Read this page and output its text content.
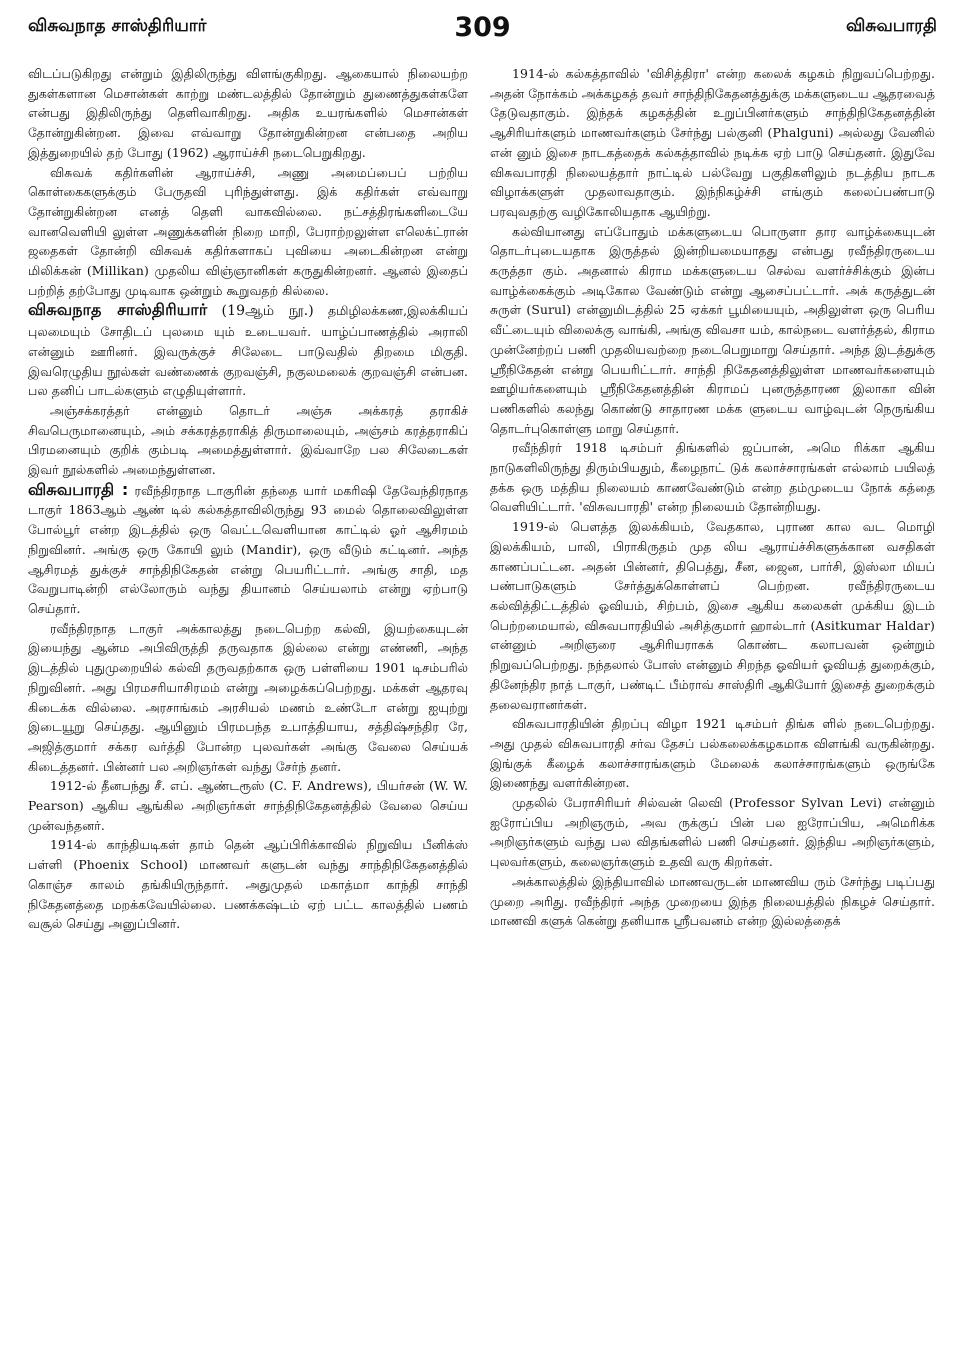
விசுவநாத சாஸ்திரியார்	309	விசுவபாரதி

விடப்படுகிறது என்றும் இதிலிருந்து விளங்குகிறது. ஆகையால் நிலையற்ற துகள்களான மெசான்கள் காற்று மண்டலத்தில் தோன்றும் துணைத்துகள்களே என்பது இதிலிருந்து தெளிவாகிறது. அதிக உயரங்களில் மெசான்கள் தோன்றுகின்றன. இவை எவ்வாறு தோன்றுகின்றன என்பதை அறிய இத்துறையில் தற் போது (1962) ஆராய்ச்சி நடைபெறுகிறது.

விசுவக் கதிர்களின் ஆராய்ச்சி, அணு அமைப்பைப் பற்றிய கொள்கைகளுக்கும் பேருதவி புரிந்துள்ளது. இக் கதிர்கள் எவ்வாறு தோன்றுகின்றன எனத் தெளி வாகவில்லை. நட்சத்திரங்களிடையே வானவெளியி லுள்ள அணுக்களின் நிறை மாறி, பேராற்றலுள்ள எலெக்ட்ரான் ஜதைகள் தோன்றி விசுவக் கதிர்களாகப் புவியை அடைகின்றன என்று மிலிக்கன் (Millikan) முதலிய விஞ்ஞானிகள் கருதுகின்றனர். ஆனல் இதைப் பற்றித் தற்போது முடிவாக ஒன்றும் கூறுவதற் கில்லை.

விசுவநாத சாஸ்திரியார் (19ஆம் நூ.) தமிழிலக்கண,இலக்கியப் புலமையும் சோதிடப் புலமை யும் உடையவர். யாழ்ப்பாணத்தில் அராலி என்னும் ஊரினர். இவருக்குச் சிலேடை பாடுவதில் திறமை மிகுதி. இவரெழுதிய நூல்கள் வண்ணைக் குறவஞ்சி, நகுலமலைக் குறவஞ்சி என்பன. பல தனிப் பாடல்களும் எழுதியுள்ளார்.

அஞ்சக்கரத்தர் என்னும் தொடர் அஞ்சு அக்கரத் தராகிச் சிவபெருமானையும், அம் சக்கரத்தராகித் திருமாலையும், அஞ்சம் கரத்தராகிப் பிரமனையும் குறிக் கும்படி அமைத்துள்ளார். இவ்வாறே பல சிலேடைகள் இவர் நூல்களில் அமைந்துள்ளன.

விசுவபாரதி : ரவீந்திரநாத டாகுரின் தந்தை யார் மகரிஷி தேவேந்திரநாத டாகுர் 1863ஆம் ஆண் டில் கல்கத்தாவிலிருந்து 93 மைல் தொலைவிலுள்ள போல்பூர் என்ற இடத்தில் ஒரு வெட்டவெளியான காட்டில் ஓர் ஆசிரமம் நிறுவினர். அங்கு ஒரு கோயி லும் (Mandir), ஒரு வீடும் கட்டினர். அந்த ஆசிரமத் துக்குச் சாந்திநிகேதன் என்று பெயரிட்டார். அங்கு சாதி, மத வேறுபாடின்றி எல்லோரும் வந்து தியானம் செய்யலாம் என்று ஏற்பாடு செய்தார்.

ரவீந்திரநாத டாகுர் அக்காலத்து நடைபெற்ற கல்வி, இயற்கையுடன் இயைந்து ஆன்ம அபிவிருத்தி தருவதாக இல்லை என்று எண்ணி, அந்த இடத்தில் புதுமுறையில் கல்வி தருவதற்காக ஒரு பள்ளியை 1901 டிசம்பரில் நிறுவினர். அது பிரமசரியாசிரமம் என்று அழைக்கப்பெற்றது. மக்கள் ஆதரவு கிடைக்க வில்லை. அரசாங்கம் அரசியல் மணம் உண்டோ என்று ஐயுற்று இடையூறு செய்தது. ஆயினும் பிரமபந்த உபாத்தியாய, சத்திஷ்சந்திர ரே, அஜித்குமார் சக்கர வர்த்தி போன்ற புலவர்கள் அங்கு வேலை செய்யக் கிடைத்தனர். பின்னர் பல அறிஞர்கள் வந்து சேர்ந் தனர்.

1912-ல் தீனபந்து சீ. எப். ஆண்டரூஸ் (C. F. Andrews), பியர்சன் (W. W. Pearson) ஆகிய ஆங்கில அறிஞர்கள் சாந்திநிகேதனத்தில் வேலை செய்ய முன்வந்தனர்.

1914-ல் காந்தியடிகள் தாம் தென் ஆப்பிரிக்காவில் நிறுவிய பீனிக்ஸ் பள்ளி (Phoenix School) மாணவர் களுடன் வந்து சாந்திநிகேதனத்தில் கொஞ்ச காலம் தங்கியிருந்தார். அதுமுதல் மகாத்மா காந்தி சாந்தி நிகேதனத்தை மறக்கவேயில்லை. பணக்கஷ்டம் ஏற் பட்ட காலத்தில் பணம் வசூல் செய்து அனுப்பினர்.

1914-ல் கல்கத்தாவில் 'விசித்திரா' என்ற கலைக் கழகம் நிறுவப்பெற்றது. அதன் நோக்கம் அக்கழகத் தவர் சாந்திநிகேதனத்துக்கு மக்களுடைய ஆதரவைத் தேடுவதாகும். இந்தக் கழகத்தின் உறுப்பினர்களும் சாந்திநிகேதனத்தின் ஆசிரியர்களும் மாணவர்களும் சேர்ந்து பல்குனி (Phalguni) அல்லது வேனில் என் னும் இசை நாடகத்தைக் கல்கத்தாவில் நடிக்க ஏற் பாடு செய்தனர். இதுவே விசுவபாரதி நிலையத்தார் நாட்டில் பல்வேறு பகுதிகளிலும் நடத்திய நாடக விழாக்களுள் முதலாவதாகும். இந்நிகழ்ச்சி எங்கும் கலைப்பண்பாடு பரவுவதற்கு வழிகோலியதாக ஆயிற்று.

கல்வியானது எப்போதும் மக்களுடைய பொருளா தார வாழ்க்கையுடன் தொடர்புடையதாக இருத்தல் இன்றியமையாதது என்பது ரவீந்திரருடைய கருத்தா கும். அதனால் கிராம மக்களுடைய செல்வ வளர்ச்சிக்கும் இன்ப வாழ்க்கைக்கும் அடிகோல வேண்டும் என்று ஆசைப்பட்டார். அக் கருத்துடன் சுருள் (Surul) என்னுமிடத்தில் 25 ஏக்கர் பூமியையும், அதிலுள்ள ஒரு பெரிய வீட்டையும் விலைக்கு வாங்கி, அங்கு விவசா யம், கால்நடை வளர்த்தல், கிராம முன்னேற்றப் பணி முதலியவற்றை நடைபெறுமாறு செய்தார். அந்த இடத்துக்கு ஸ்ரீநிகேதன் என்று பெயரிட்டார். சாந்தி நிகேதனத்திலுள்ள மாணவர்களையும் ஊழியர்களையும் ஸ்ரீநிகேதனத்தின் கிராமப் புனருத்தாரண இலாகா வின் பணிகளில் கலந்து கொண்டு சாதாரண மக்க ளுடைய வாழ்வுடன் நெருங்கிய தொடர்புகொள்ளு மாறு செய்தார்.

ரவீந்திரர் 1918 டிசம்பர் திங்களில் ஜப்பான், அமெ ரிக்கா ஆகிய நாடுகளிலிருந்து திரும்பியதும், கீழைநாட் டுக் கலாச்சாரங்கள் எல்லாம் பயிலத் தக்க ஒரு மத்திய நிலையம் காணவேண்டும் என்ற தம்முடைய நோக் கத்தை வெளியிட்டார். 'விசுவபாரதி' என்ற நிலையம் தோன்றியது.

1919-ல் பௌத்த இலக்கியம், வேதகால, புராண கால வட மொழி இலக்கியம், பாலி, பிராகிருதம் முத லிய ஆராய்ச்சிகளுக்கான வசதிகள் காணப்பட்டன. அதன் பின்னர், திபெத்து, சீன, ஜைன, பார்சி, இஸ்லா மியப் பண்பாடுகளும் சேர்த்துக்கொள்ளப் பெற்றன. ரவீந்திரருடைய கல்வித்திட்டத்தில் ஓவியம், சிற்பம், இசை ஆகிய கலைகள் முக்கிய இடம் பெற்றமையால், விசுவபாரதியில் அசித்குமார் ஹால்டார் (Asitkumar Haldar) என்னும் அறிஞரை ஆசிரியராகக் கொண்ட கலாபவன் ஒன்றும் நிறுவப்பெற்றது. நந்தலால் போஸ் என்னும் சிறந்த ஓவியர் ஓவியத் துறைக்கும், தினேந்திர நாத் டாகுர், பண்டிட் பீம்ராவ் சாஸ்திரி ஆகியோர் இசைத் துறைக்கும் தலைவரானர்கள்.

விசுவபாரதியின் திறப்பு விழா 1921 டிசம்பர் திங்க ளில் நடைபெற்றது. அது முதல் விசுவபாரதி சர்வ தேசப் பல்கலைக்கழகமாக விளங்கி வருகின்றது. இங்குக் கீழைக் கலாச்சாரங்களும் மேலைக் கலாச்சாரங்களும் ஒருங்கே இணைந்து வளர்கின்றன.

முதலில் பேராசிரியர் சில்வன் லெவி (Professor Sylvan Levi) என்னும் ஐரோப்பிய அறிஞரும், அவ ருக்குப் பின் பல ஐரோப்பிய, அமெரிக்க அறிஞர்களும் வந்து பல விதங்களில் பணி செய்தனர். இந்திய அறிஞர்களும், புலவர்களும், கலைஞர்களும் உதவி வரு கிறர்கள்.

அக்காலத்தில் இந்தியாவில் மாணவருடன் மாணவிய ரும் சேர்ந்து படிப்பது முறை அரிது. ரவீந்திரர் அந்த முறையை இந்த நிலையத்தில் நிகழச் செய்தார். மாணவி களுக் கென்று தனியாக ஸ்ரீபவனம் என்ற இல்லத்தைக்
